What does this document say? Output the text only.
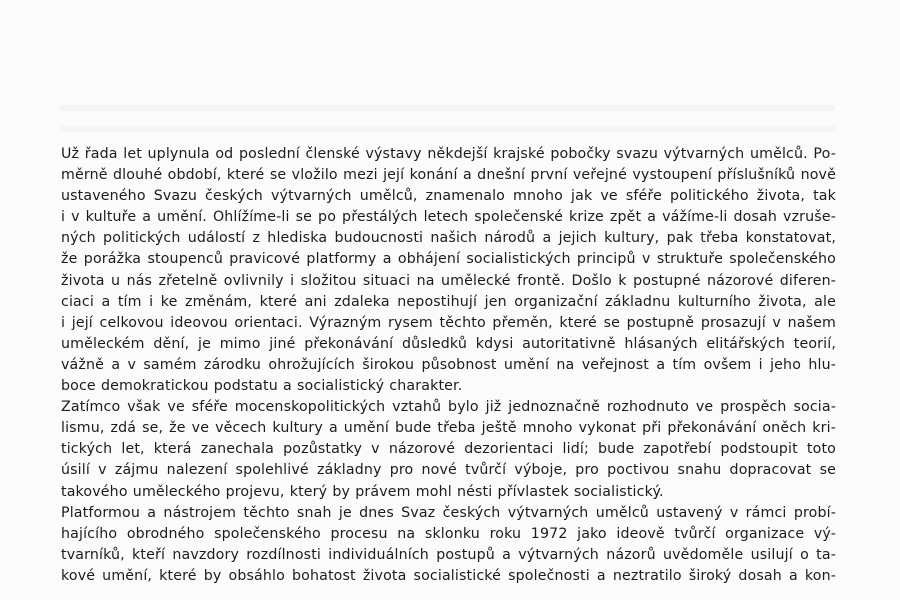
Už řada let uplynula od poslední členské výstavy někdejší krajské pobočky svazu výtvarných umělců. Po-
měrně dlouhé období, které se vložilo mezi její konání a dnešní první veřejné vystoupení příslušníků nově
ustaveného Svazu českých výtvarných umělců, znamenalo mnoho jak ve sféře politického života, tak
i v kultuře a umění. Ohlížíme-li se po přestálých letech společenské krize zpět a vážíme-li dosah vzruše-
ných politických událostí z hlediska budoucnosti našich národů a jejich kultury, pak třeba konstatovat,
že porážka stoupenců pravicové platformy a obhájení socialistických principů v struktuře společenského
života u nás zřetelně ovlivnily i složitou situaci na umělecké frontě. Došlo k postupné názorové diferen-
ciaci a tím i ke změnám, které ani zdaleka nepostihují jen organizační základnu kulturního života, ale
i její celkovou ideovou orientaci. Výrazným rysem těchto přeměn, které se postupně prosazují v našem
uměleckém dění, je mimo jiné překonávání důsledků kdysi autoritativně hlásaných elitářských teorií,
vážně a v samém zárodku ohrožujících širokou působnost umění na veřejnost a tím ovšem i jeho hlu-
boce demokratickou podstatu a socialistický charakter.
Zatímco však ve sféře mocenskopolitických vztahů bylo již jednoznačně rozhodnuto ve prospěch socia-
lismu, zdá se, že ve věcech kultury a umění bude třeba ještě mnoho vykonat při překonávání oněch kri-
tických let, která zanechala pozůstatky v názorové dezorientaci lidí; bude zapotřebí podstoupit toto
úsilí v zájmu nalezení spolehlivé základny pro nové tvůrčí výboje, pro poctivou snahu dopracovat se
takového uměleckého projevu, který by právem mohl nésti přívlastek socialistický.
Platformou a nástrojem těchto snah je dnes Svaz českých výtvarných umělců ustavený v rámci probí-
hajícího obrodného společenského procesu na sklonku roku 1972 jako ideově tvůrčí organizace vý-
tvarníků, kteří navzdory rozdílnosti individuálních postupů a výtvarných názorů uvědoměle usilují o ta-
kové umění, které by obsáhlo bohatost života socialistické společnosti a neztratilo široký dosah a kon-
